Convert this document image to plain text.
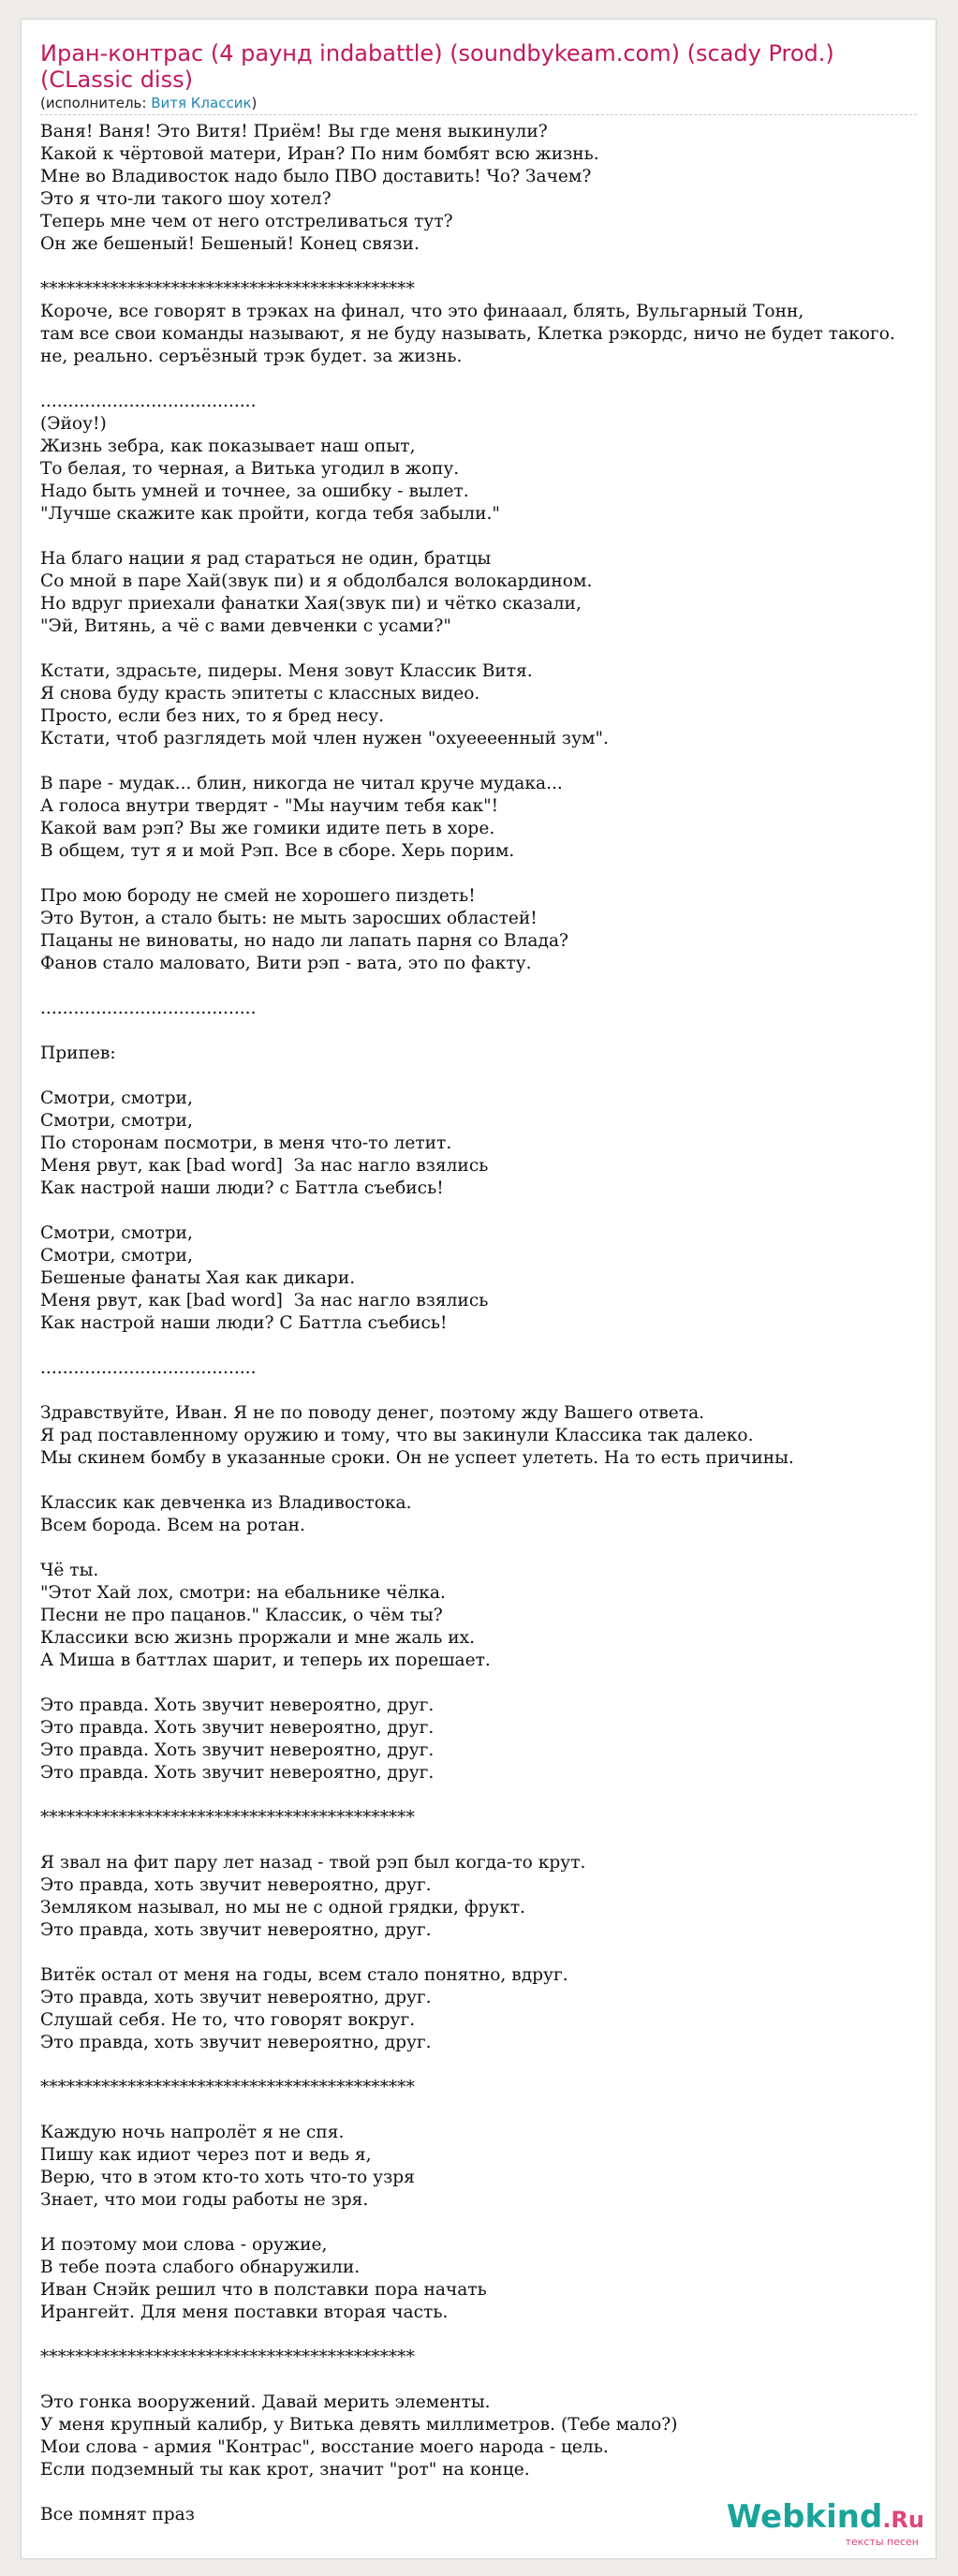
Иран-контрас (4 раунд indabattle) (soundbykeam.com) (scady Prod.) (CLassic diss)
(исполнитель: Витя Классик)
Ваня! Ваня! Это Витя! Приём! Вы где меня выкинули?
Какой к чёртовой матери, Иран? По ним бомбят всю жизнь.
Мне во Владивосток надо было ПВО доставить! Чо? Зачем?
Это я что-ли такого шоу хотел?
Теперь мне чем от него отстреливаться тут?
Он же бешеный! Бешеный! Конец связи.
*******************************************
Короче, все говорят в трэках на финал, что это финааал, блять, Вульгарный Тонн,
там все свои команды называют, я не буду называть, Клетка рэкордс, ничо не будет такого.
не, реально. серъёзный трэк будет. за жизнь.
.......................................
(Эйоу!)
Жизнь зебра, как показывает наш опыт,
То белая, то черная, а Витька угодил в жопу.
Надо быть умней и точнее, за ошибку - вылет.
"Лучше скажите как пройти, когда тебя забыли."
На благо нации я рад стараться не один, братцы
Со мной в паре Хай(звук пи) и я обдолбался волокардином.
Но вдруг приехали фанатки Хая(звук пи) и чётко сказали,
"Эй, Витянь, а чё с вами девченки с усами?"
Кстати, здрасьте, пидеры. Меня зовут Классик Витя.
Я снова буду красть эпитеты с классных видео.
Просто, если без них, то я бред несу.
Кстати, чтоб разглядеть мой член нужен "охуеееенный зум".
В паре - мудак... блин, никогда не читал круче мудака...
А голоса внутри твердят - "Мы научим тебя как"!
Какой вам рэп? Вы же гомики идите петь в хоре.
В общем, тут я и мой Рэп. Все в сборе. Херь порим.
Про мою бороду не смей не хорошего пиздеть!
Это Вутон, а стало быть: не мыть заросших областей!
Пацаны не виноваты, но надо ли лапать парня со Влада?
Фанов стало маловато, Вити рэп - вата, это по факту.
.......................................
Припев:
Смотри, смотри,
Смотри, смотри,
По сторонам посмотри, в меня что-то летит.
Меня рвут, как [bad word]  За нас нагло взялись
Как настрой наши люди? с Баттла съебись!
Смотри, смотри,
Смотри, смотри,
Бешеные фанаты Хая как дикари.
Меня рвут, как [bad word]  За нас нагло взялись
Как настрой наши люди? С Баттла съебись!
.......................................
Здравствуйте, Иван. Я не по поводу денег, поэтому жду Вашего ответа.
Я рад поставленному оружию и тому, что вы закинули Классика так далеко.
Мы скинем бомбу в указанные сроки. Он не успеет улететь. На то есть причины.
Классик как девченка из Владивостока.
Всем борода. Всем на ротан.
Чё ты.
"Этот Хай лох, смотри: на ебальнике чёлка.
Песни не про пацанов." Классик, о чём ты?
Классики всю жизнь проржали и мне жаль их.
А Миша в баттлах шарит, и теперь их порешает.
Это правда. Хоть звучит невероятно, друг.
Это правда. Хоть звучит невероятно, друг.
Это правда. Хоть звучит невероятно, друг.
Это правда. Хоть звучит невероятно, друг.
*******************************************
Я звал на фит пару лет назад - твой рэп был когда-то крут.
Это правда, хоть звучит невероятно, друг.
Земляком называл, но мы не с одной грядки, фрукт.
Это правда, хоть звучит невероятно, друг.
Витёк остал от меня на годы, всем стало понятно, вдруг.
Это правда, хоть звучит невероятно, друг.
Слушай себя. Не то, что говорят вокруг.
Это правда, хоть звучит невероятно, друг.
*******************************************
Каждую ночь напролёт я не спя.
Пишу как идиот через пот и ведь я,
Верю, что в этом кто-то хоть что-то узря
Знает, что мои годы работы не зря.
И поэтому мои слова - оружие,
В тебе поэта слабого обнаружили.
Иван Снэйк решил что в полставки пора начать
Ирангейт. Для меня поставки вторая часть.
*******************************************
Это гонка вооружений. Давай мерить элементы.
У меня крупный калибр, у Витька девять миллиметров. (Тебе мало?)
Мои слова - армия "Контрас", восстание моего народа - цель.
Если подземный ты как крот, значит "рот" на конце.
Все помнят праз	Webkind.Ru
тексты песен
